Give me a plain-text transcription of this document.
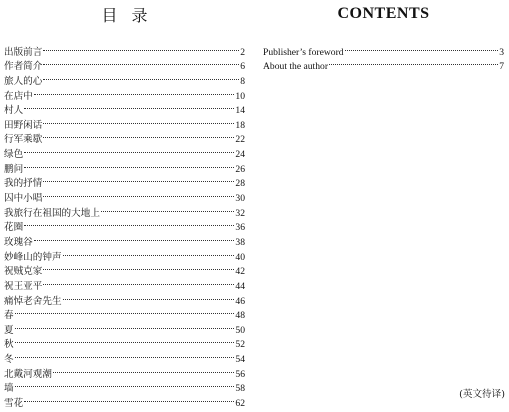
目录
出版前言	2
作者简介	6
旅人的心	8
在店中	10
村人	14
田野闲话	18
行军乘歇	22
绿色	24
鹏问	26
我的抒情	28
囚中小唱	30
我旅行在祖国的大地上	32
花圈	36
玫瑰谷	38
妙峰山的钟声	40
祝贼克家	42
祝王亚平	44
痛悼老舍先生	46
春	48
夏	50
秋	52
冬	54
北戴河观潮	56
墙	58
雪花	62
CONTENTS
Publisher’s foreword	3
About the author	7
(英文待译)
